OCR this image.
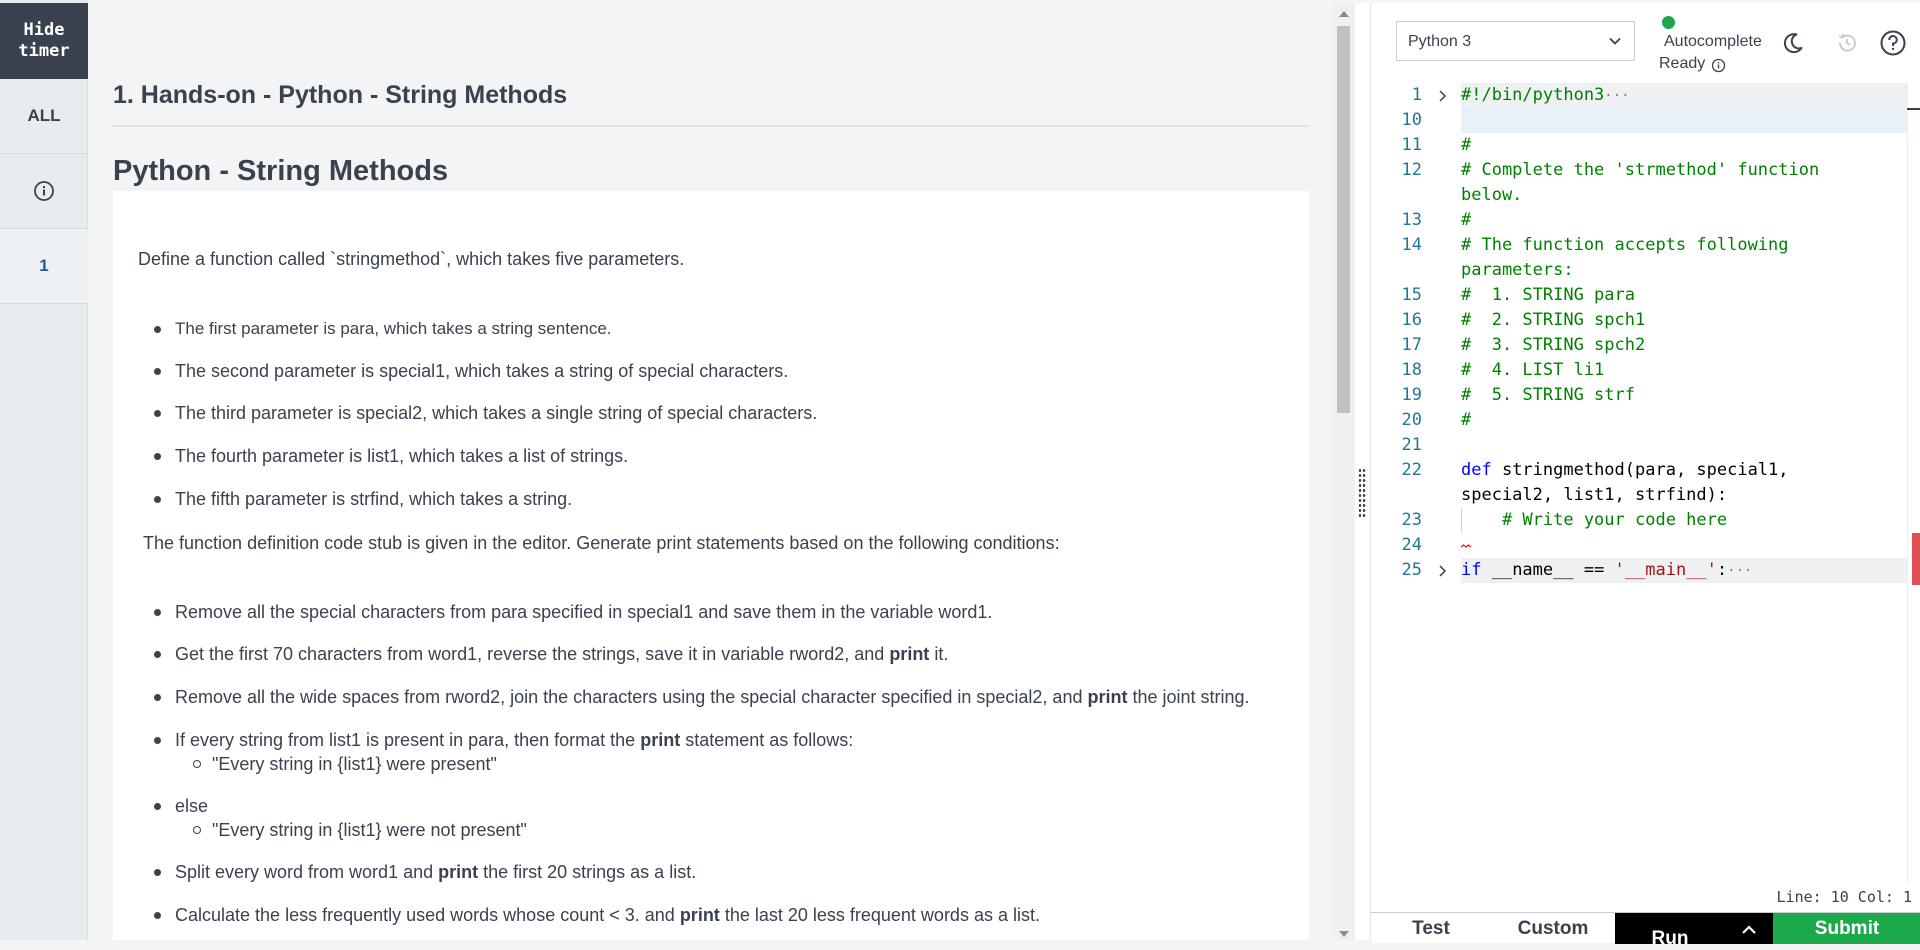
Hide
timer
ALL
1
1. Hands-on - Python - String Methods
Python - String Methods
Define a function called `stringmethod`, which takes five parameters.
The first parameter is para, which takes a string sentence.
The second parameter is special1, which takes a string of special characters.
The third parameter is special2, which takes a single string of special characters.
The fourth parameter is list1, which takes a list of strings.
The fifth parameter is strfind, which takes a string.
The function definition code stub is given in the editor. Generate print statements based on the following conditions:
Remove all the special characters from para specified in special1 and save them in the variable word1.
Get the first 70 characters from word1, reverse the strings, save it in variable rword2, and print it.
Remove all the wide spaces from rword2, join the characters using the special character specified in special2, and print the joint string.
If every string from list1 is present in para, then format the print statement as follows:
"Every string in {list1} were present"
else
"Every string in {list1} were not present"
Split every word from word1 and print the first 20 strings as a list.
Calculate the less frequently used words whose count < 3. and print the last 20 less frequent words as a list.
Python 3	Autocomplete
Ready
1
10
11
12
13
14
15
16
17
18
19
20
21
22
23
24
25
#!/bin/python3···
#
# Complete the 'strmethod' function
below.
#
# The function accepts following
parameters:
#  1. STRING para
#  2. STRING spch1
#  3. STRING spch2
#  4. LIST li1
#  5. STRING strf
#
def stringmethod(para, special1,
special2, list1, strfind):
# Write your code here
if __name__ == '__main__':···
Line: 10 Col: 1
Test	Custom	Run	Submit
